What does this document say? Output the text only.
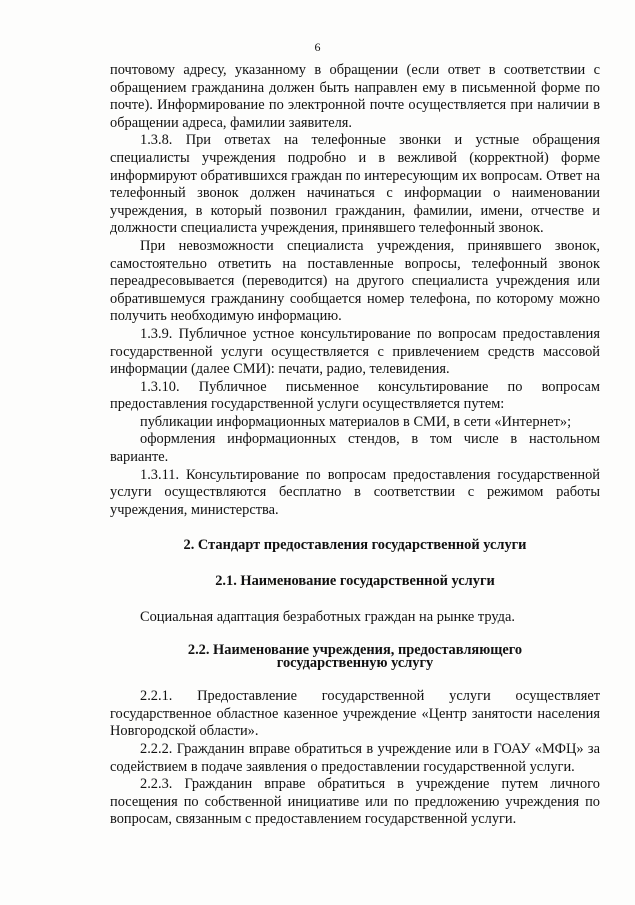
6

почтовому адресу, указанному в обращении (если ответ в соответствии с обращением гражданина должен быть направлен ему в письменной форме по почте). Информирование по электронной почте осуществляется при наличии в обращении адреса, фамилии заявителя.

1.3.8. При ответах на телефонные звонки и устные обращения специалисты учреждения подробно и в вежливой (корректной) форме информируют обратившихся граждан по интересующим их вопросам. Ответ на телефонный звонок должен начинаться с информации о наименовании учреждения, в который позвонил гражданин, фамилии, имени, отчестве и должности специалиста учреждения, принявшего телефонный звонок.

При невозможности специалиста учреждения, принявшего звонок, самостоятельно ответить на поставленные вопросы, телефонный звонок переадресовывается (переводится) на другого специалиста учреждения или обратившемуся гражданину сообщается номер телефона, по которому можно получить необходимую информацию.

1.3.9. Публичное устное консультирование по вопросам предоставления государственной услуги осуществляется с привлечением средств массовой информации (далее СМИ): печати, радио, телевидения.

1.3.10. Публичное письменное консультирование по вопросам предоставления государственной услуги осуществляется путем:

публикации информационных материалов в СМИ, в сети «Интернет»;

оформления информационных стендов, в том числе в настольном варианте.

1.3.11. Консультирование по вопросам предоставления государственной услуги осуществляются бесплатно в соответствии с режимом работы учреждения, министерства.

2. Стандарт предоставления государственной услуги

2.1. Наименование государственной услуги

Социальная адаптация безработных граждан на рынке труда.

2.2. Наименование учреждения, предоставляющего
государственную услугу

2.2.1. Предоставление государственной услуги осуществляет государственное областное казенное учреждение «Центр занятости населения Новгородской области».

2.2.2. Гражданин вправе обратиться в учреждение или в ГОАУ «МФЦ» за содействием в подаче заявления о предоставлении государственной услуги.

2.2.3. Гражданин вправе обратиться в учреждение путем личного посещения по собственной инициативе или по предложению учреждения по вопросам, связанным с предоставлением государственной услуги.
